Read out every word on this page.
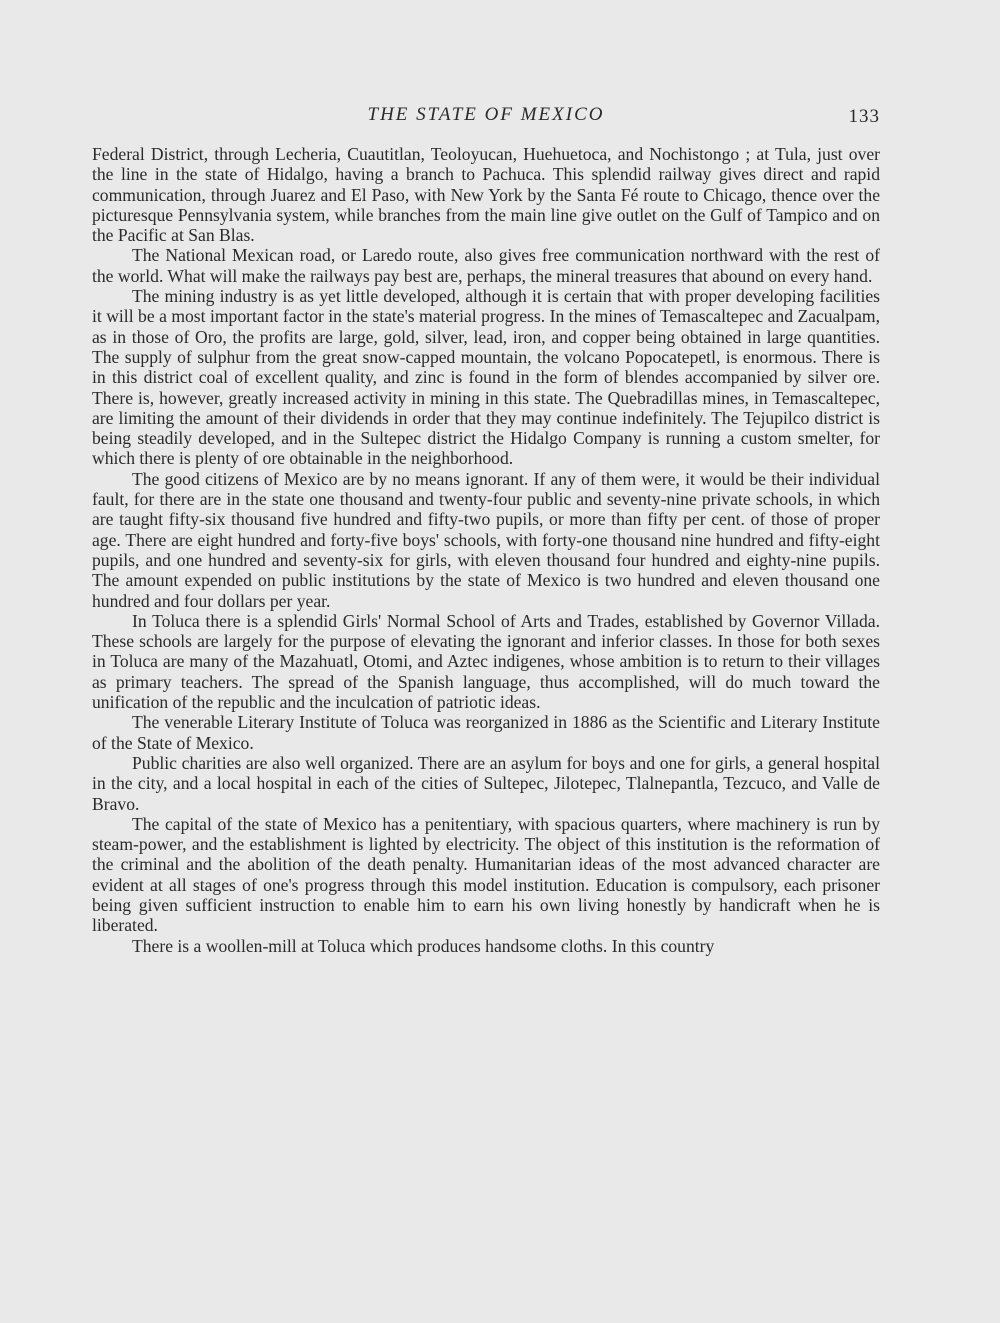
THE STATE OF MEXICO	133

Federal District, through Lecheria, Cuautitlan, Teoloyucan, Huehuetoca, and Nochistongo ; at Tula, just over the line in the state of Hidalgo, having a branch to Pachuca. This splendid railway gives direct and rapid communication, through Juarez and El Paso, with New York by the Santa Fé route to Chicago, thence over the picturesque Pennsylvania system, while branches from the main line give outlet on the Gulf of Tampico and on the Pacific at San Blas.

The National Mexican road, or Laredo route, also gives free communication northward with the rest of the world. What will make the railways pay best are, perhaps, the mineral treasures that abound on every hand.

The mining industry is as yet little developed, although it is certain that with proper developing facilities it will be a most important factor in the state's material progress. In the mines of Temascaltepec and Zacualpam, as in those of Oro, the profits are large, gold, silver, lead, iron, and copper being obtained in large quantities. The supply of sulphur from the great snow-capped mountain, the volcano Popocatepetl, is enormous. There is in this district coal of excellent quality, and zinc is found in the form of blendes accompanied by silver ore. There is, however, greatly increased activity in mining in this state. The Quebradillas mines, in Temascaltepec, are limiting the amount of their dividends in order that they may continue indefinitely. The Tejupilco district is being steadily developed, and in the Sultepec district the Hidalgo Company is running a custom smelter, for which there is plenty of ore obtainable in the neighborhood.

The good citizens of Mexico are by no means ignorant. If any of them were, it would be their individual fault, for there are in the state one thousand and twenty-four public and seventy-nine private schools, in which are taught fifty-six thousand five hundred and fifty-two pupils, or more than fifty per cent. of those of proper age. There are eight hundred and forty-five boys' schools, with forty-one thousand nine hundred and fifty-eight pupils, and one hundred and seventy-six for girls, with eleven thousand four hundred and eighty-nine pupils. The amount expended on public institutions by the state of Mexico is two hundred and eleven thousand one hundred and four dollars per year.

In Toluca there is a splendid Girls' Normal School of Arts and Trades, established by Governor Villada. These schools are largely for the purpose of elevating the ignorant and inferior classes. In those for both sexes in Toluca are many of the Mazahuatl, Otomi, and Aztec indigenes, whose ambition is to return to their villages as primary teachers. The spread of the Spanish language, thus accomplished, will do much toward the unification of the republic and the inculcation of patriotic ideas.

The venerable Literary Institute of Toluca was reorganized in 1886 as the Scientific and Literary Institute of the State of Mexico.

Public charities are also well organized. There are an asylum for boys and one for girls, a general hospital in the city, and a local hospital in each of the cities of Sultepec, Jilotepec, Tlalnepantla, Tezcuco, and Valle de Bravo.

The capital of the state of Mexico has a penitentiary, with spacious quarters, where machinery is run by steam-power, and the establishment is lighted by electricity. The object of this institution is the reformation of the criminal and the abolition of the death penalty. Humanitarian ideas of the most advanced character are evident at all stages of one's progress through this model institution. Education is compulsory, each prisoner being given sufficient instruction to enable him to earn his own living honestly by handicraft when he is liberated.

There is a woollen-mill at Toluca which produces handsome cloths. In this country
